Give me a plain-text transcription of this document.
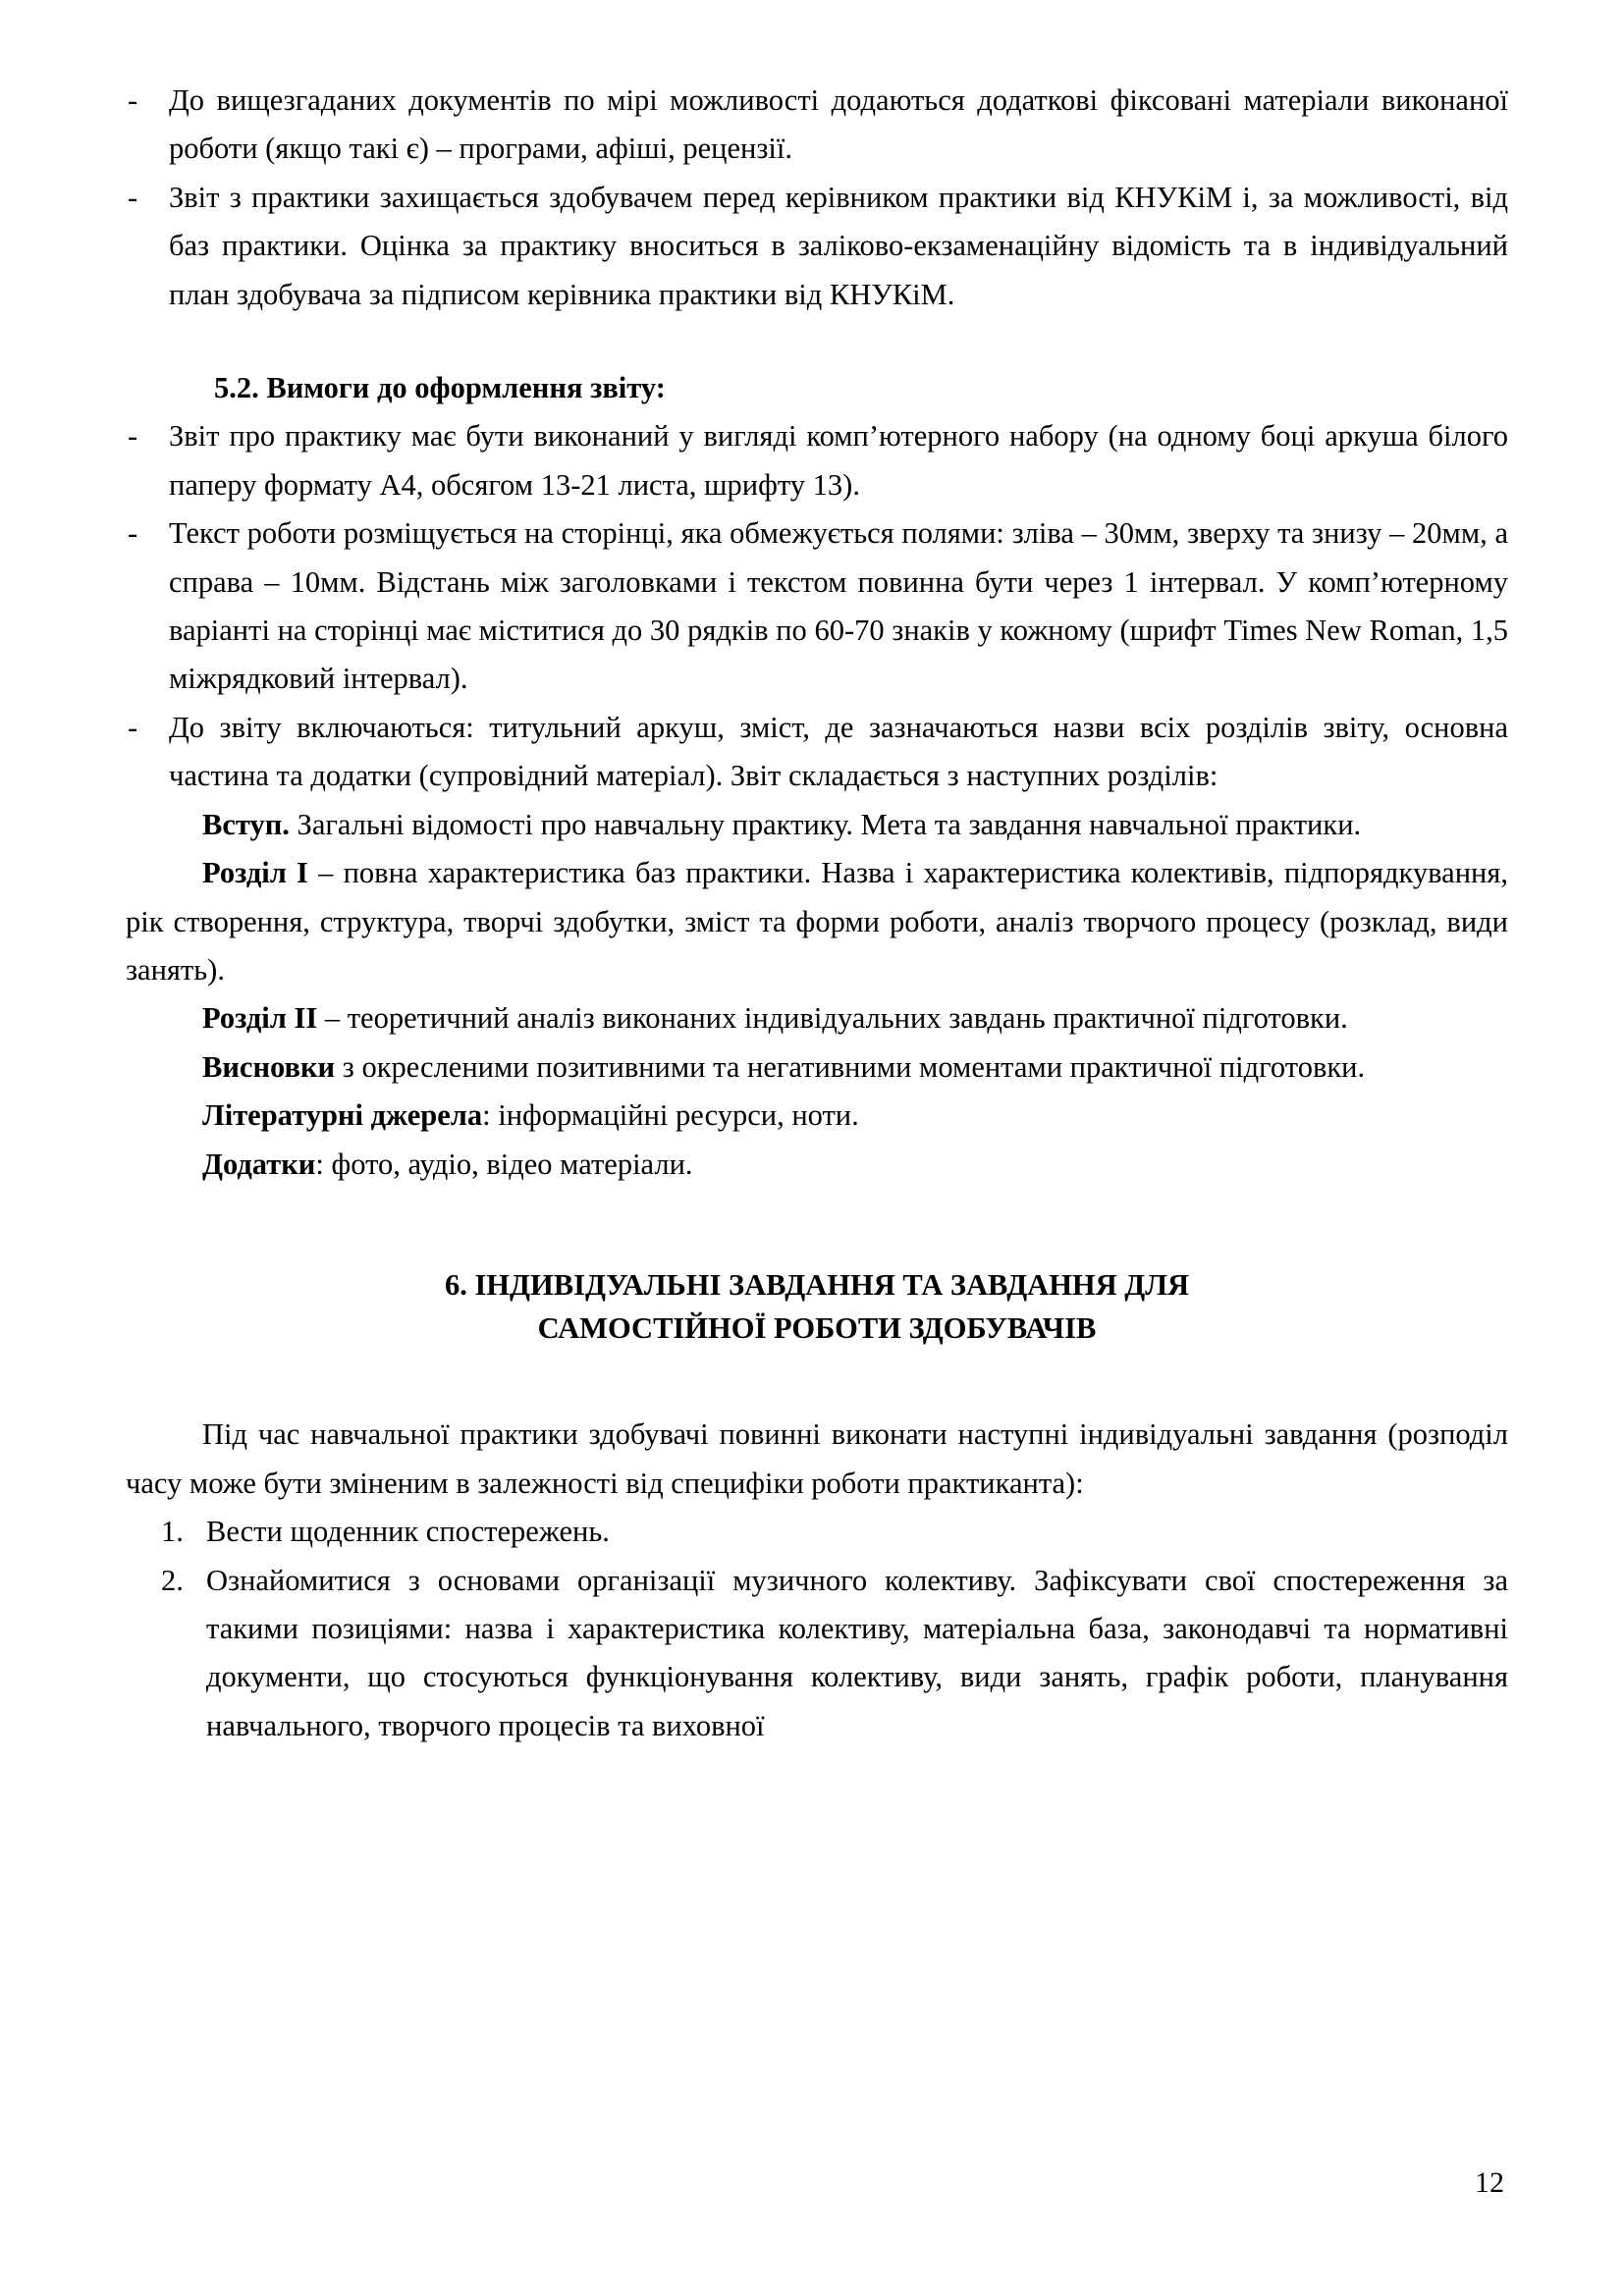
- До вищезгаданих документів по мірі можливості додаються додаткові фіксовані матеріали виконаної роботи (якщо такі є) – програми, афіші, рецензії.
- Звіт з практики захищається здобувачем перед керівником практики від КНУКіМ і, за можливості, від баз практики. Оцінка за практику вноситься в заліково-екзаменаційну відомість та в індивідуальний план здобувача за підписом керівника практики від КНУКіМ.
5.2. Вимоги до оформлення звіту:
- Звіт про практику має бути виконаний у вигляді комп’ютерного набору (на одному боці аркуша білого паперу формату А4, обсягом 13-21 листа, шрифту 13).
- Текст роботи розміщується на сторінці, яка обмежується полями: зліва – 30мм, зверху та знизу – 20мм, а справа – 10мм. Відстань між заголовками і текстом повинна бути через 1 інтервал. У комп’ютерному варіанті на сторінці має міститися до 30 рядків по 60-70 знаків у кожному (шрифт Times New Roman, 1,5 міжрядковий інтервал).
- До звіту включаються: титульний аркуш, зміст, де зазначаються назви всіх розділів звіту, основна частина та додатки (супровідний матеріал). Звіт складається з наступних розділів:
Вступ. Загальні відомості про навчальну практику. Мета та завдання навчальної практики.
Розділ I – повна характеристика баз практики. Назва і характеристика колективів, підпорядкування, рік створення, структура, творчі здобутки, зміст та форми роботи, аналіз творчого процесу (розклад, види занять).
Розділ II – теоретичний аналіз виконаних індивідуальних завдань практичної підготовки.
Висновки з окресленими позитивними та негативними моментами практичної підготовки.
Літературні джерела: інформаційні ресурси, ноти.
Додатки: фото, аудіо, відео матеріали.
6. ІНДИВІДУАЛЬНІ ЗАВДАННЯ ТА ЗАВДАННЯ ДЛЯ
САМОСТІЙНОЇ РОБОТИ ЗДОБУВАЧІВ
Під час навчальної практики здобувачі повинні виконати наступні індивідуальні завдання (розподіл часу може бути зміненим в залежності від специфіки роботи практиканта):
1. Вести щоденник спостережень.
2. Ознайомитися з основами організації музичного колективу. Зафіксувати свої спостереження за такими позиціями: назва і характеристика колективу, матеріальна база, законодавчі та нормативні документи, що стосуються функціонування колективу, види занять, графік роботи, планування навчального, творчого процесів та виховної
12
